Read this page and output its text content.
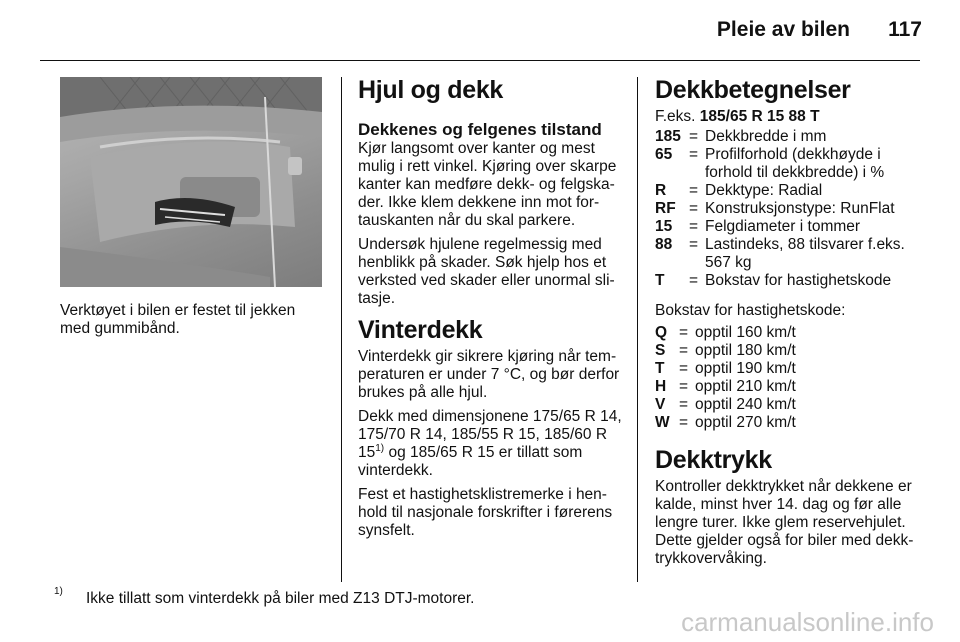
Pleie av bilen 117
Verktøyet i bilen er festet til jekken med gummibånd.
Hjul og dekk
Dekkenes og felgenes tilstand

Kjør langsomt over kanter og mest mulig i rett vinkel. Kjøring over skarpe kanter kan medføre dekk- og felgska-der. Ikke klem dekkene inn mot for-tauskanten når du skal parkere.

Undersøk hjulene regelmessig med henblikk på skader. Søk hjelp hos et verksted ved skader eller unormal sli-tasje.

Vinterdekk

Vinterdekk gir sikrere kjøring når tem-peraturen er under 7 °C, og bør derfor brukes på alle hjul.

Dekk med dimensjonene 175/65 R 14, 175/70 R 14, 185/55 R 15, 185/60 R 15$^{1)}$ og 185/65 R 15 er tillatt som vinterdekk.

Fest et hastighetsklistremerke i hen-hold til nasjonale forskrifter i førerens synsfelt.

Dekkbetegnelser

F.eks. 185/65 R 15 88 T

185 = Dekkbredde i mm
65	= Profilforhold (dekkhøyde i forhold til dekkbredde) i %
R	= Dekktype: Radial
RF = Konstruksjonstype: RunFlat
15	= Felgdiameter i tommer
88	= Lastindeks, 88 tilsvarer f.eks. 567 kg
T	= Bokstav for hastighetskode

Bokstav for hastighetskode:

Q = opptil 160 km/t
S = opptil 180 km/t
T = opptil 190 km/t
H = opptil 210 km/t
V = opptil 240 km/t
W = opptil 270 km/t
Dekktrykk

Kontroller dekktrykket når dekkene er kalde, minst hver 14. dag og før alle lengre turer. Ikke glem reservehjulet. Dette gjelder også for biler med dekk-trykkovervåking.

1) Ikke tillatt som vinterdekk på biler med Z13 DTJ-motorer.
carmanualsonline.info
